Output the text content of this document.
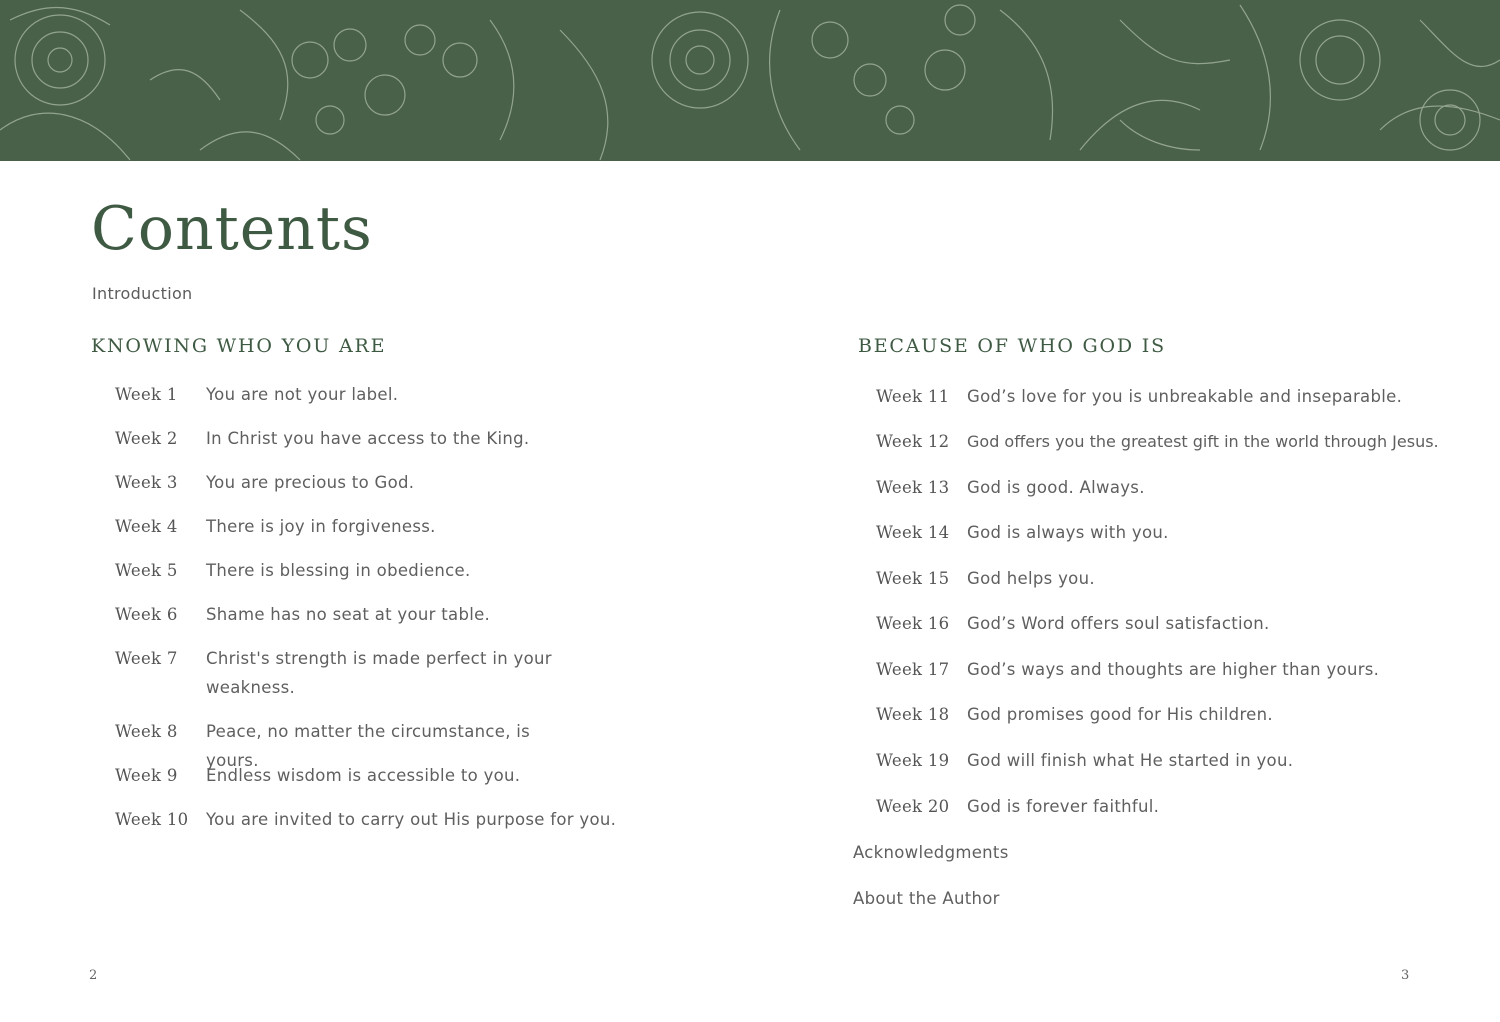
Contents
Introduction
KNOWING WHO YOU ARE
Week 1	You are not your label.
Week 2	In Christ you have access to the King.
Week 3	You are precious to God.
Week 4	There is joy in forgiveness.
Week 5	There is blessing in obedience.
Week 6	Shame has no seat at your table.
Week 7	Christ's strength is made perfect in your weakness.
Week 8	Peace, no matter the circumstance, is yours.
Week 9	Endless wisdom is accessible to you.
Week 10	You are invited to carry out His purpose for you.
BECAUSE OF WHO GOD IS
Week 11	God’s love for you is unbreakable and inseparable.
Week 12	God offers you the greatest gift in the world through Jesus.
Week 13	God is good. Always.
Week 14	God is always with you.
Week 15	God helps you.
Week 16	God’s Word offers soul satisfaction.
Week 17	God’s ways and thoughts are higher than yours.
Week 18	God promises good for His children.
Week 19	God will finish what He started in you.
Week 20	God is forever faithful.
Acknowledgments
About the Author
2	3
